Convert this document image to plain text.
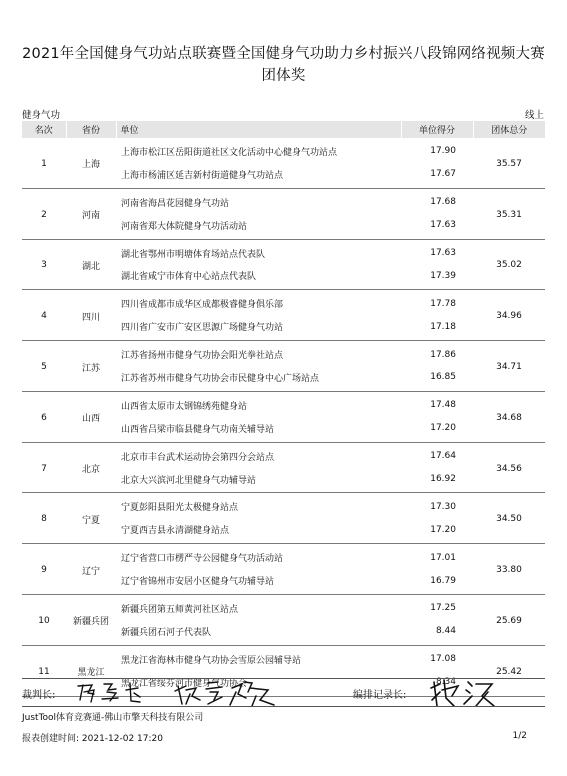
2021年全国健身气功站点联赛暨全国健身气功助力乡村振兴八段锦网络视频大赛
团体奖
健身气功	线上
名次	省份	单位	单位得分	团体总分
1	上海	上海市松江区岳阳街道社区文化活动中心健身气功站点	17.90	35.57
		上海市杨浦区延吉新村街道健身气功站点	17.67	
2	河南	河南省海昌花园健身气功站	17.68	35.31
		河南省郑大体院健身气功活动站	17.63	
3	湖北	湖北省鄂州市明塘体育场站点代表队	17.63	35.02
		湖北省咸宁市体育中心站点代表队	17.39	
4	四川	四川省成都市成华区成都极睿健身俱乐部	17.78	34.96
		四川省广安市广安区思源广场健身气功站	17.18	
5	江苏	江苏省扬州市健身气功协会阳光拳社站点	17.86	34.71
		江苏省苏州市健身气功协会市民健身中心广场站点	16.85	
6	山西	山西省太原市太钢锦绣苑健身站	17.48	34.68
		山西省吕梁市临县健身气功南关辅导站	17.20	
7	北京	北京市丰台武术运动协会第四分会站点	17.64	34.56
		北京大兴滨河北里健身气功辅导站	16.92	
8	宁夏	宁夏彭阳县阳光太极健身站点	17.30	34.50
		宁夏西吉县永清湖健身站点	17.20	
9	辽宁	辽宁省营口市楞严寺公园健身气功活动站	17.01	33.80
		辽宁省锦州市安居小区健身气功辅导站	16.79	
10	新疆兵团	新疆兵团第五师黄河社区站点	17.25	25.69
		新疆兵团石河子代表队	8.44	
11	黑龙江	黑龙江省海林市健身气功协会雪原公园辅导站	17.08	25.42
		黑龙江省绥芬河市健身气功协会	8.34	
裁判长:	编排记录长:
JustTool体育竞赛通-佛山市擎天科技有限公司
报表创建时间: 2021-12-02 17:20	1/2
